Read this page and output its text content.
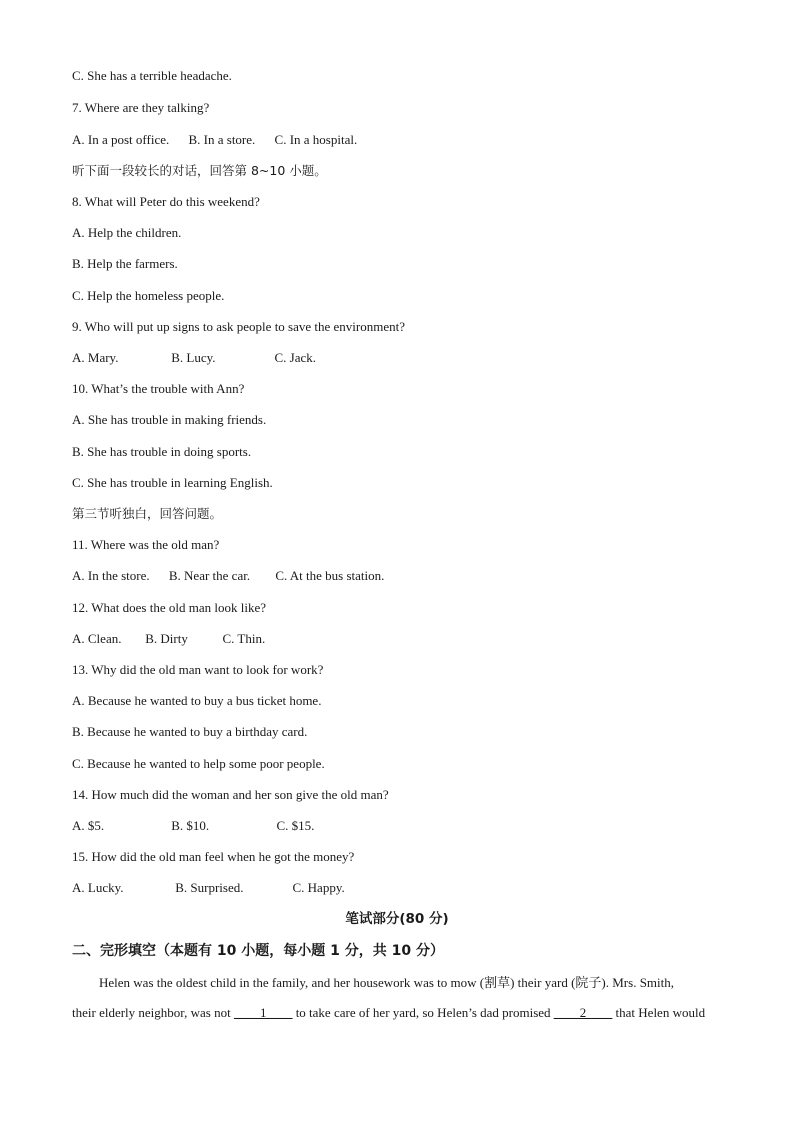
C. She has a terrible headache.
7. Where are they talking?
A. In a post office. B. In a store. C. In a hospital.
听下面一段较长的对话，回答第 8~10 小题。
8. What will Peter do this weekend?
A. Help the children.
B. Help the farmers.
C. Help the homeless people.
9. Who will put up signs to ask people to save the environment?
A. Mary.	B. Lucy.	C. Jack.
10. What’s the trouble with Ann?
A. She has trouble in making friends.
B. She has trouble in doing sports.
C. She has trouble in learning English.
第三节听独白，回答问题。
11. Where was the old man?
A. In the store. B. Near the car. C. At the bus station.
12. What does the old man look like?
A. Clean. B. Dirty	C. Thin.
13. Why did the old man want to look for work?
A. Because he wanted to buy a bus ticket home.
B. Because he wanted to buy a birthday card.
C. Because he wanted to help some poor people.
14. How much did the woman and her son give the old man?
A. $5.	B. $10.	C. $15.
15. How did the old man feel when he got the money?
A. Lucky.	B. Surprised.	C. Happy.
笔试部分(80 分)
二、完形填空（本题有 10 小题，每小题 1 分，共 10 分）
Helen was the oldest child in the family, and her housework was to mow (割草) their yard (院子). Mrs. Smith,
their elderly neighbor, was not ____1____ to take care of her yard, so Helen’s dad promised ____2____ that Helen would
